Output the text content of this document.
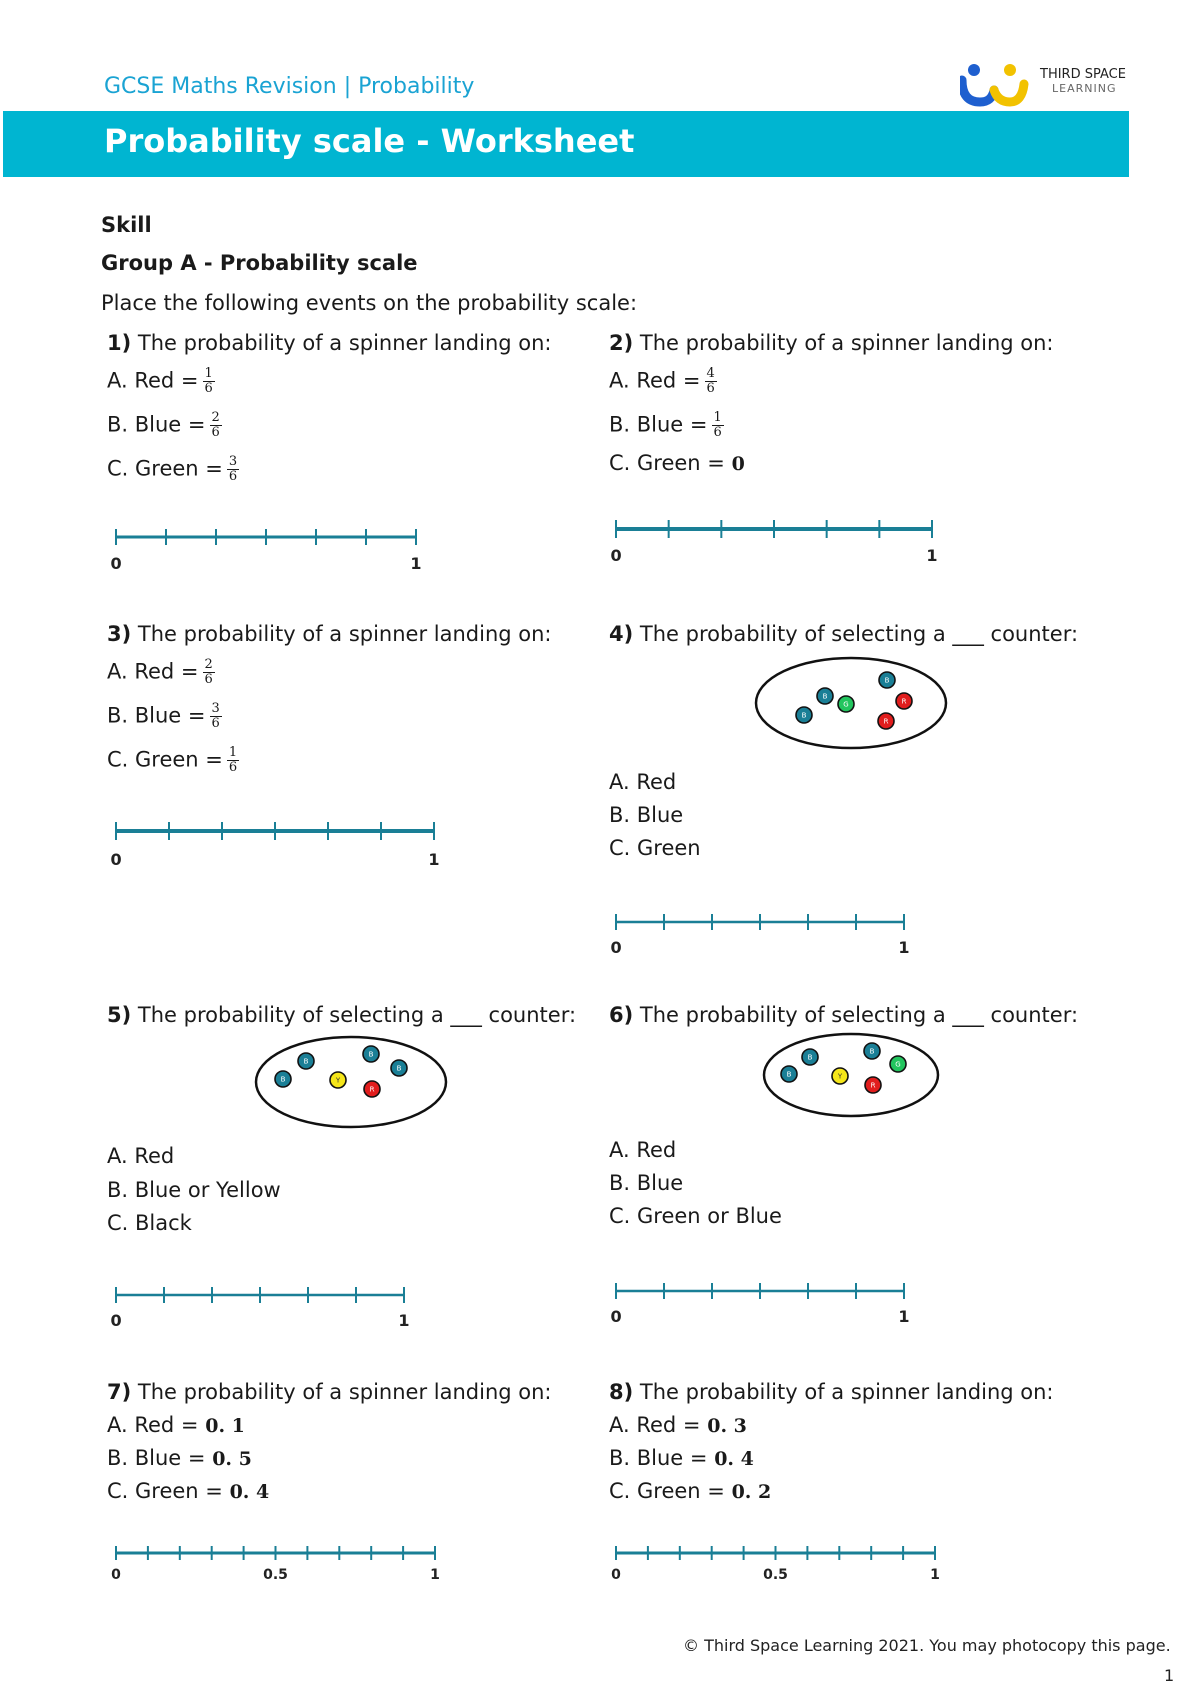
GCSE Maths Revision | Probability	THIRD SPACE
LEARNING
Probability scale - Worksheet
Skill
Group A - Probability scale
Place the following events on the probability scale:
1) The probability of a spinner landing on:
A. Red = $\frac{1}{6}$
B. Blue = $\frac{2}{6}$
C. Green = $\frac{3}{6}$
0	1
2) The probability of a spinner landing on:
A. Red = $\frac{4}{6}$
B. Blue = $\frac{1}{6}$
C. Green = 0
0	1
3) The probability of a spinner landing on:
A. Red = $\frac{2}{6}$
B. Blue = $\frac{3}{6}$
C. Green = $\frac{1}{6}$
0	1
4) The probability of selecting a ___ counter:
B
B
G
B
R
R
A. Red
B. Blue
C. Green
0	1
5) The probability of selecting a ___ counter:
B
B
Y
B
B
R
A. Red
B. Blue or Yellow
C. Black
0	1
6) The probability of selecting a ___ counter:
B
B
Y
B
G
R
A. Red
B. Blue
C. Green or Blue
0	1
7) The probability of a spinner landing on:
A. Red = 0. 1
B. Blue = 0. 5
C. Green = 0. 4
0	0.5	1
8) The probability of a spinner landing on:
A. Red = 0. 3
B. Blue = 0. 4
C. Green = 0. 2
0	0.5	1
© Third Space Learning 2021. You may photocopy this page.
1
